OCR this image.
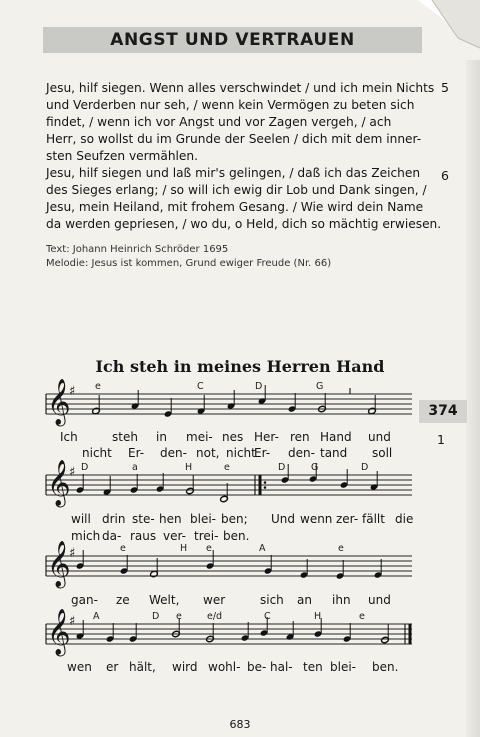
ANGST UND VERTRAUEN
Jesu, hilf siegen. Wenn alles verschwindet / und ich mein Nichts
und Verderben nur seh, / wenn kein Vermögen zu beten sich
findet, / wenn ich vor Angst und vor Zagen vergeh, / ach
Herr, so wollst du im Grunde der Seelen / dich mit dem inner-
sten Seufzen vermählen.
5
Jesu, hilf siegen und laß mir's gelingen, / daß ich das Zeichen
des Sieges erlang; / so will ich ewig dir Lob und Dank singen, /
Jesu, mein Heiland, mit frohem Gesang. / Wie wird dein Name
da werden gepriesen, / wo du, o Held, dich so mächtig erwiesen.
6
Text: Johann Heinrich Schröder 1695
Melodie: Jesus ist kommen, Grund ewiger Freude (Nr. 66)
Ich steh in meines Herren Hand
374
1
𝄞
♯
𝄞
♯
𝄞
♯
𝄞
♯
e	C	D	G
Ich	steh in mei- nes Her- ren Hand und
nicht Er- den- not, nicht
Er- den- tand soll
D	a	H	e	D	G	D
will drin ste- hen blei- ben; Und wenn zer- fällt die
mich da- raus ver- trei- ben.
e	H e	A	e
gan- ze Welt, wer	sich an ihn und
A	D e	e/d	C	H	e
wen er hält, wird wohl- be- hal- ten blei- ben.
683
